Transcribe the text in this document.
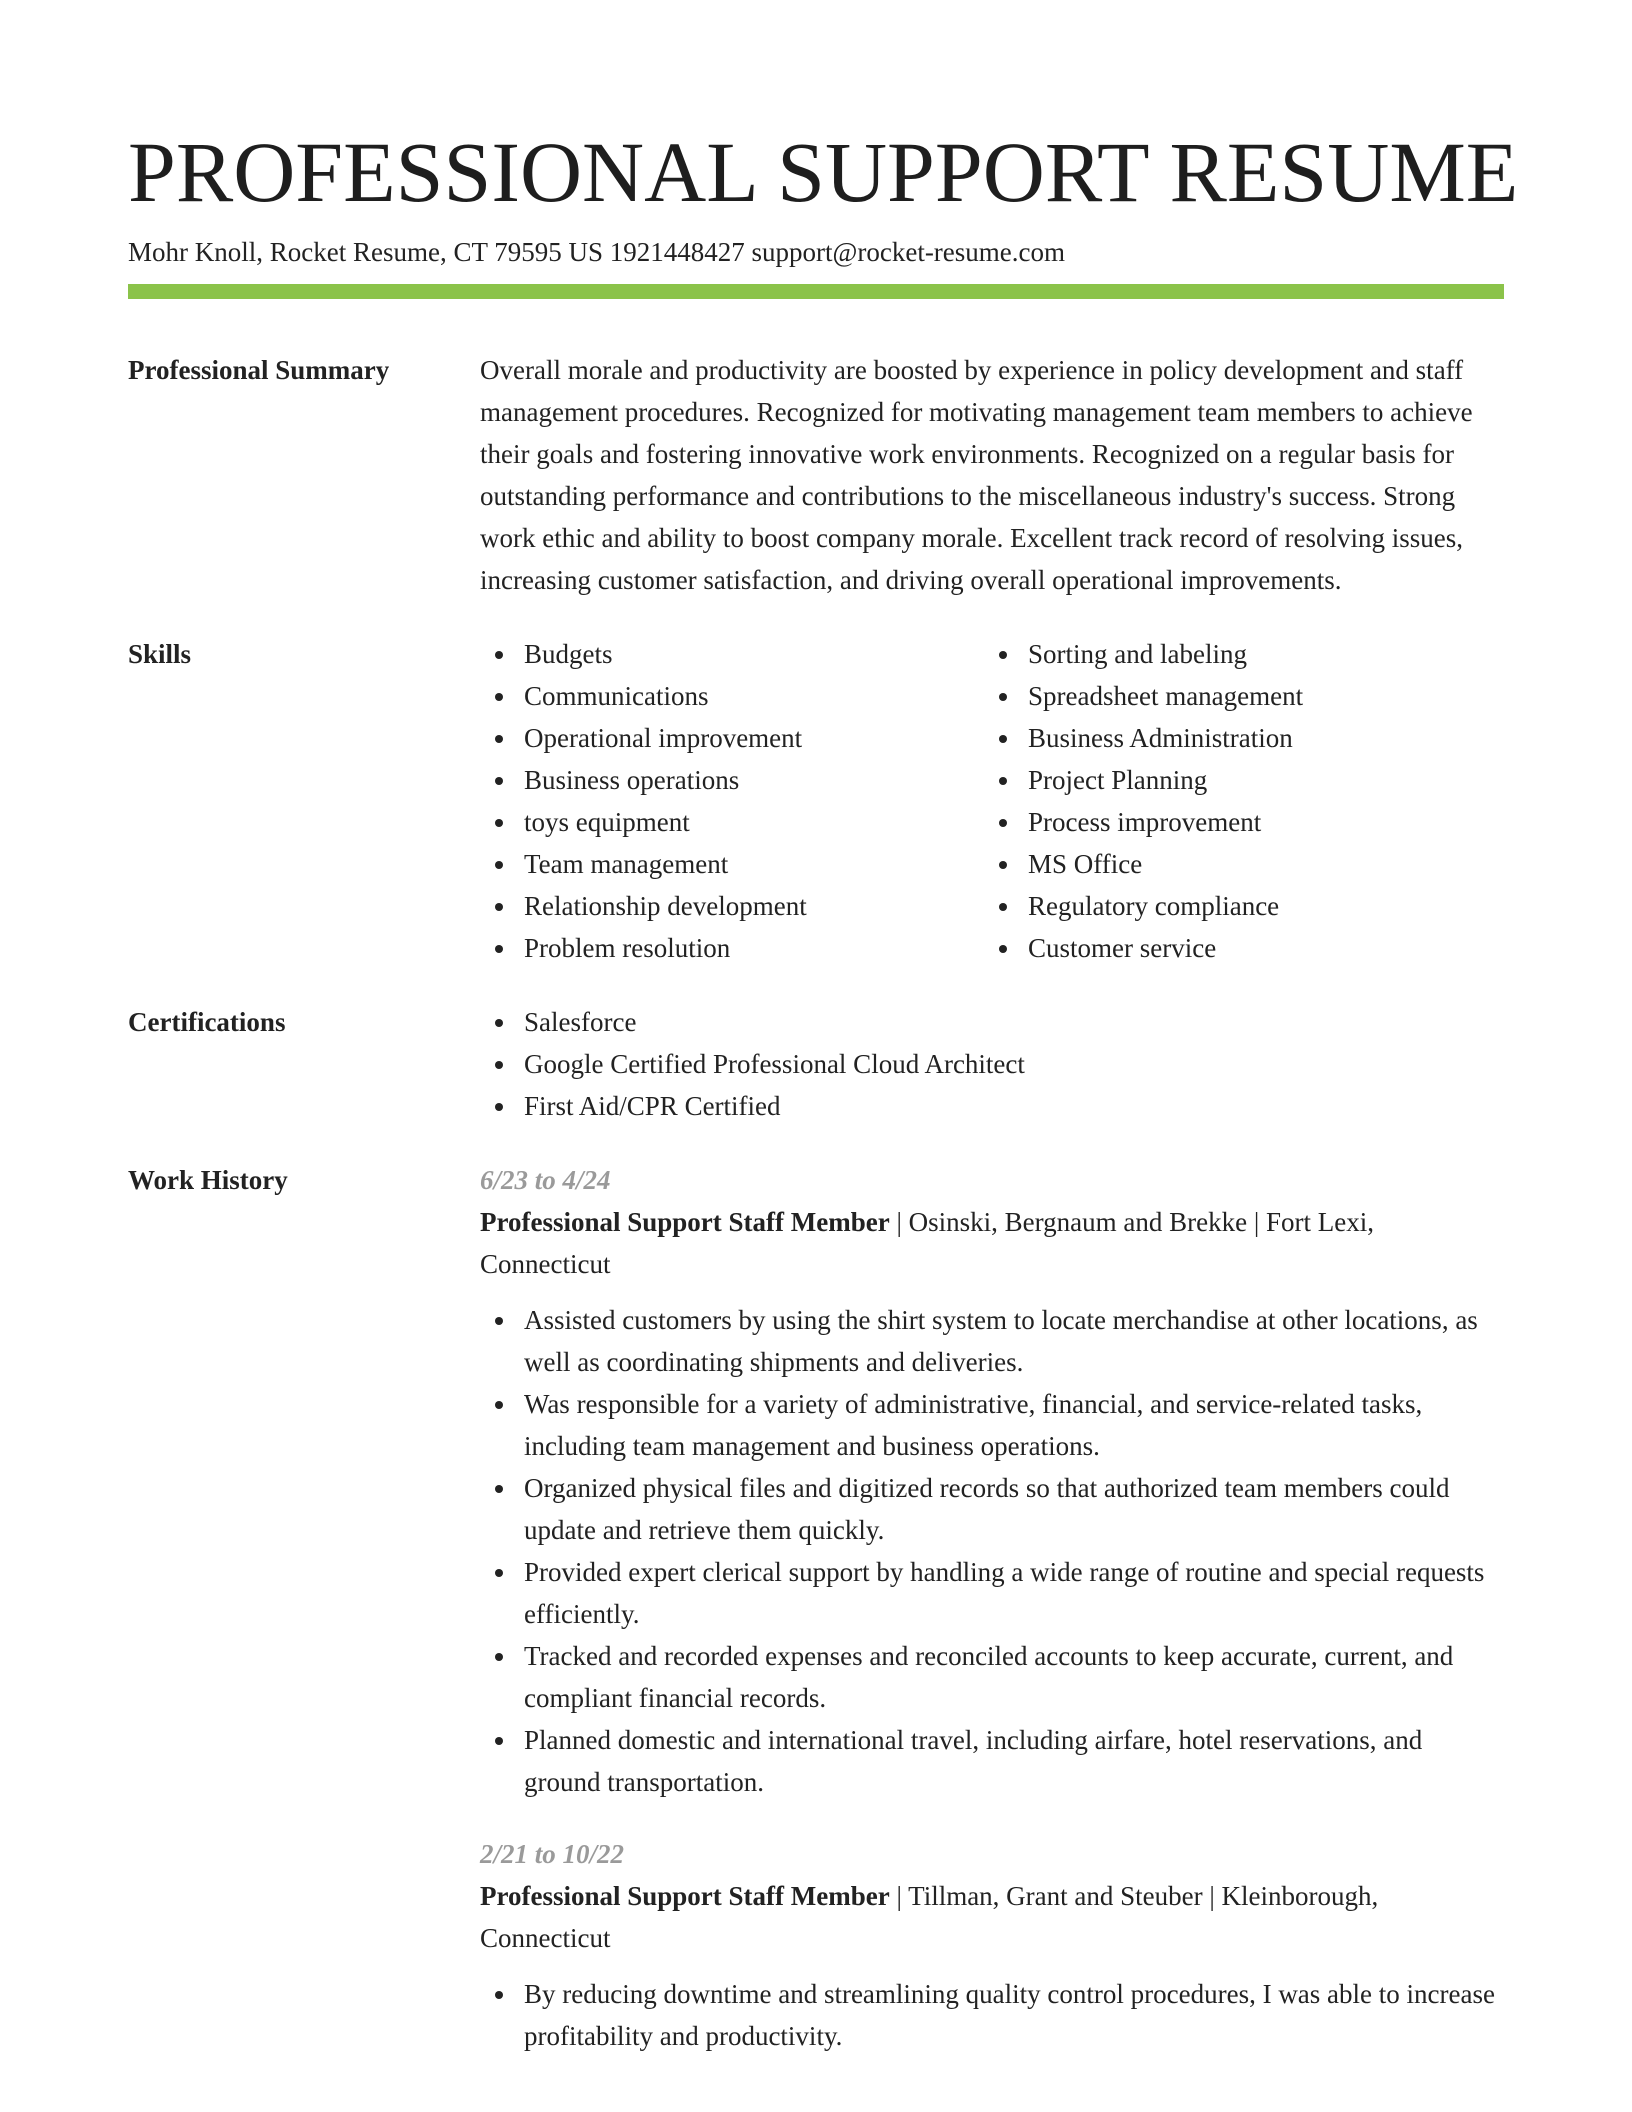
PROFESSIONAL SUPPORT RESUME
Mohr Knoll, Rocket Resume, CT 79595 US 1921448427 support@rocket-resume.com
Professional Summary	Overall morale and productivity are boosted by experience in policy development and staff management procedures. Recognized for motivating management team members to achieve their goals and fostering innovative work environments. Recognized on a regular basis for outstanding performance and contributions to the miscellaneous industry's success. Strong work ethic and ability to boost company morale. Excellent track record of resolving issues, increasing customer satisfaction, and driving overall operational improvements.
Skills	Budgets
Communications
Operational improvement
Business operations
toys equipment
Team management
Relationship development
Problem resolution
Sorting and labeling
Spreadsheet management
Business Administration
Project Planning
Process improvement
MS Office
Regulatory compliance
Customer service
Certifications	Salesforce
Google Certified Professional Cloud Architect
First Aid/CPR Certified
Work History	6/23 to 4/24
Professional Support Staff Member | Osinski, Bergnaum and Brekke | Fort Lexi, Connecticut
Assisted customers by using the shirt system to locate merchandise at other locations, as well as coordinating shipments and deliveries.
Was responsible for a variety of administrative, financial, and service-related tasks, including team management and business operations.
Organized physical files and digitized records so that authorized team members could update and retrieve them quickly.
Provided expert clerical support by handling a wide range of routine and special requests efficiently.
Tracked and recorded expenses and reconciled accounts to keep accurate, current, and compliant financial records.
Planned domestic and international travel, including airfare, hotel reservations, and ground transportation.
2/21 to 10/22
Professional Support Staff Member | Tillman, Grant and Steuber | Kleinborough, Connecticut
By reducing downtime and streamlining quality control procedures, I was able to increase profitability and productivity.
